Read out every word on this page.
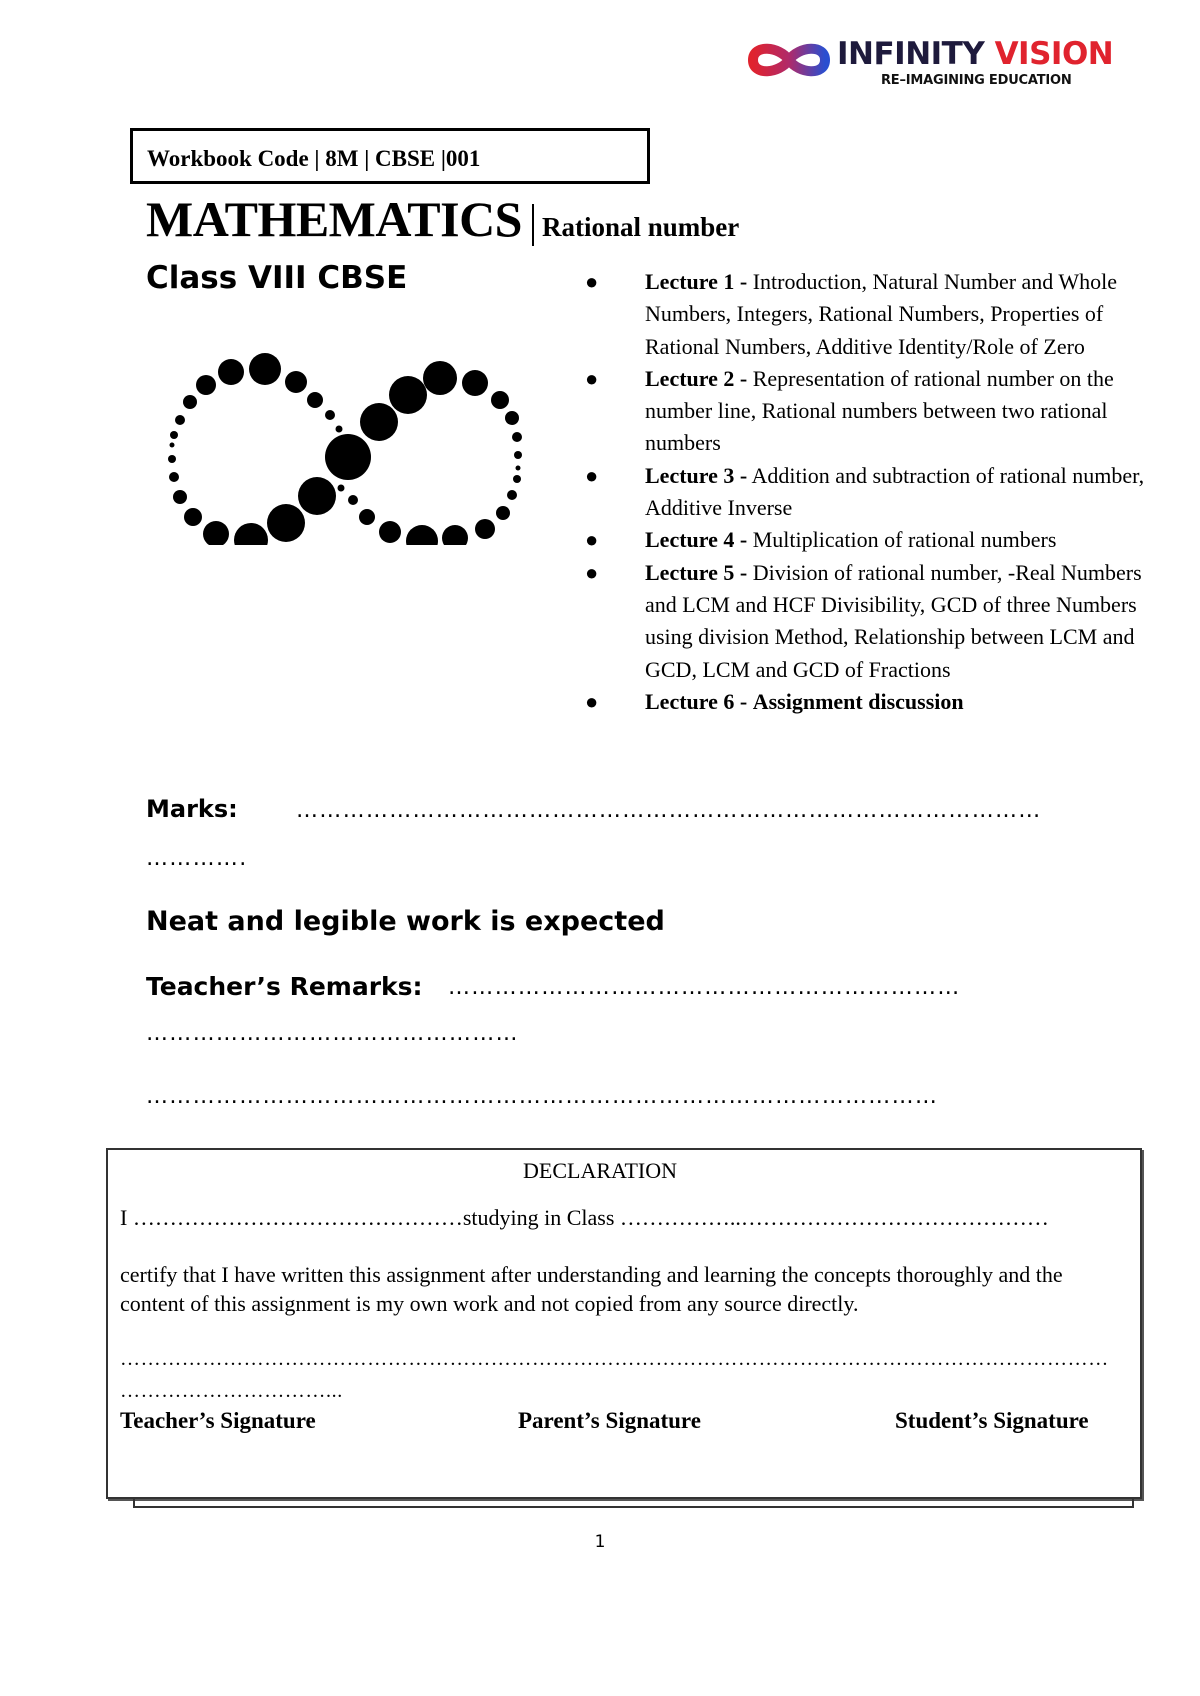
INFINITY VISION
RE–IMAGINING EDUCATION
Workbook Code | 8M | CBSE |001
MATHEMATICS Rational number
Class VIII CBSE	● Lecture 1 - Introduction, Natural Number and Whole Numbers, Integers, Rational Numbers, Properties of Rational Numbers, Additive Identity/Role of Zero
● Lecture 2 - Representation of rational number on the number line, Rational numbers between two rational numbers
● Lecture 3 - Addition and subtraction of rational number, Additive Inverse
● Lecture 4 - Multiplication of rational numbers
● Lecture 5 - Division of rational number, -Real Numbers and LCM and HCF Divisibility, GCD of three Numbers using division Method, Relationship between LCM and GCD, LCM and GCD of Fractions
● Lecture 6 - Assignment discussion
Marks:	……………………………………………………………………………………
………….
Neat and legible work is expected
Teacher’s Remarks: …………………………………………………………
…………………………………………
…………………………………………………………………………………………
DECLARATION
I ………………………………………studying in Class ……………..……………………………………
certify that I have written this assignment after understanding and learning the concepts thoroughly and the content of this assignment is my own work and not copied from any source directly.
………………………………………………………………………………………………………………………………
…………………………...
Teacher’s Signature	Parent’s Signature	Student’s Signature
1
